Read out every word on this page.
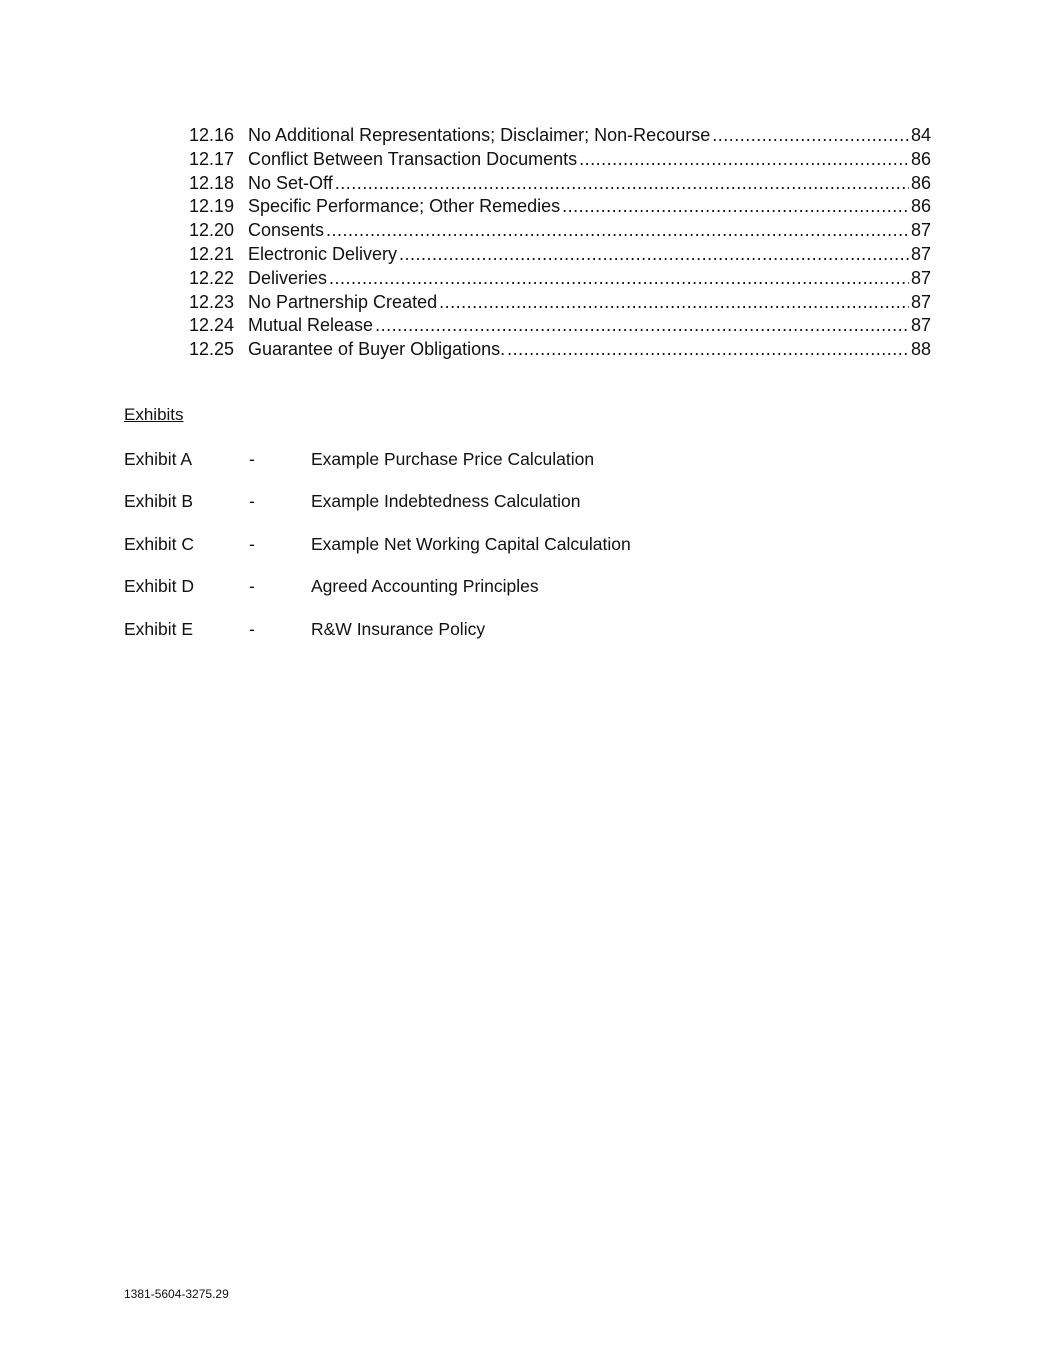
12.16 No Additional Representations; Disclaimer; Non-Recourse .....	84
12.17 Conflict Between Transaction Documents .....	86
12.18 No Set-Off .....	86
12.19 Specific Performance; Other Remedies .....	86
12.20 Consents .....	87
12.21 Electronic Delivery .....	87
12.22 Deliveries .....	87
12.23 No Partnership Created .....	87
12.24 Mutual Release .....	87
12.25 Guarantee of Buyer Obligations. .....	88
Exhibits
Exhibit A	-	Example Purchase Price Calculation
Exhibit B	-	Example Indebtedness Calculation
Exhibit C	-	Example Net Working Capital Calculation
Exhibit D	-	Agreed Accounting Principles
Exhibit E	-	R&W Insurance Policy
1381-5604-3275.29
